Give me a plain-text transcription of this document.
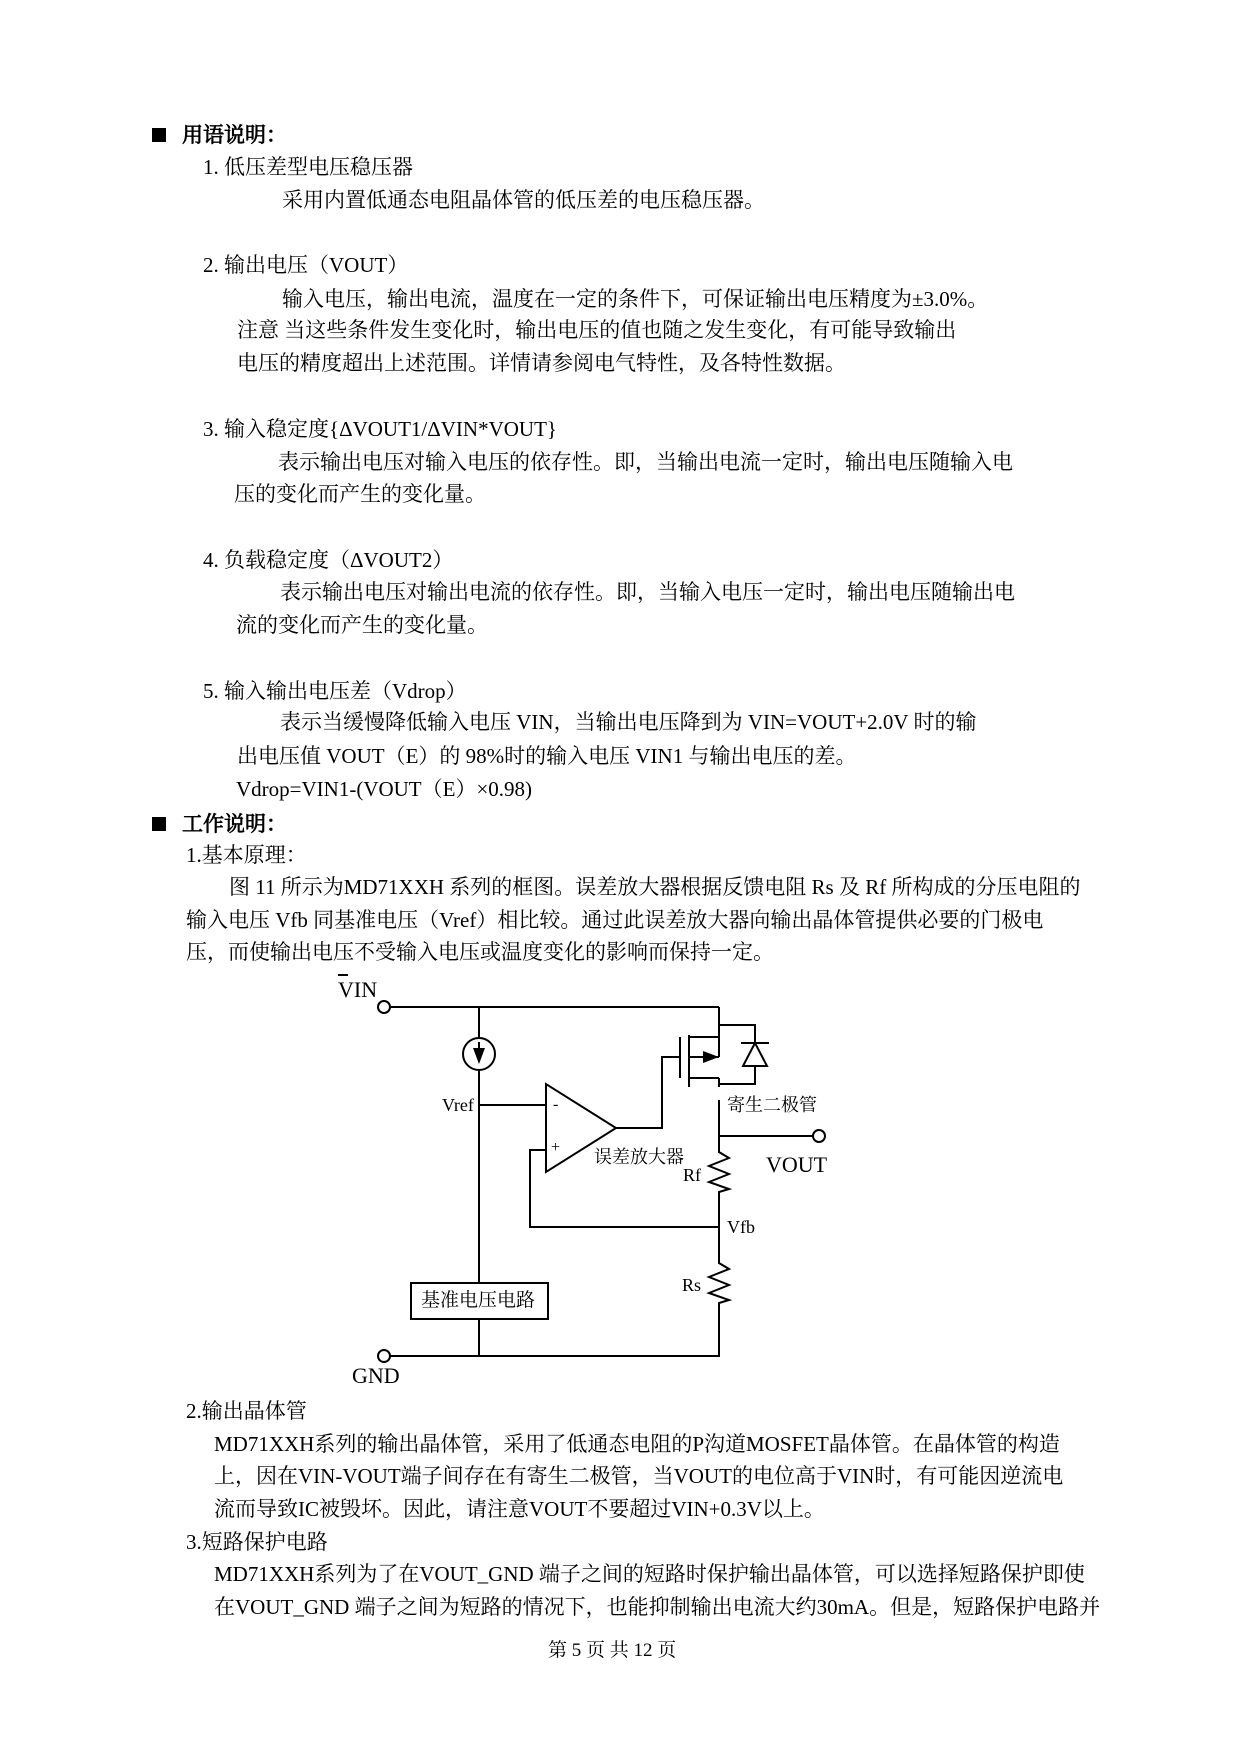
用语说明：
1. 低压差型电压稳压器
采用内置低通态电阻晶体管的低压差的电压稳压器。
2. 输出电压（VOUT）
输入电压，输出电流，温度在一定的条件下，可保证输出电压精度为±3.0%。
注意 当这些条件发生变化时，输出电压的值也随之发生变化，有可能导致输出
电压的精度超出上述范围。详情请参阅电气特性，及各特性数据。
3. 输入稳定度{ΔVOUT1/ΔVIN*VOUT}
表示输出电压对输入电压的依存性。即，当输出电流一定时，输出电压随输入电
压的变化而产生的变化量。
4. 负载稳定度（ΔVOUT2）
表示输出电压对输出电流的依存性。即，当输入电压一定时，输出电压随输出电
流的变化而产生的变化量。
5. 输入输出电压差（Vdrop）
表示当缓慢降低输入电压 VIN，当输出电压降到为 VIN=VOUT+2.0V 时的输
出电压值 VOUT（E）的 98%时的输入电压 VIN1 与输出电压的差。
Vdrop=VIN1-(VOUT（E）×0.98)
工作说明：
1.基本原理：
图 11 所示为MD71XXH 系列的框图。误差放大器根据反馈电阻 Rs 及 Rf 所构成的分压电阻的
输入电压 Vfb 同基准电压（Vref）相比较。通过此误差放大器向输出晶体管提供必要的门极电
压，而使输出电压不受输入电压或温度变化的影响而保持一定。
VIN
Vref	-
+ 误差放大器
寄生二极管
VOUT
Rf
Vfb
Rs
基准电压电路
GND
2.输出晶体管
MD71XXH系列的输出晶体管，采用了低通态电阻的P沟道MOSFET晶体管。在晶体管的构造
上，因在VIN-VOUT端子间存在有寄生二极管，当VOUT的电位高于VIN时，有可能因逆流电
流而导致IC被毁坏。因此，请注意VOUT不要超过VIN+0.3V以上。
3.短路保护电路
MD71XXH系列为了在VOUT_GND 端子之间的短路时保护输出晶体管，可以选择短路保护即使
在VOUT_GND 端子之间为短路的情况下，也能抑制输出电流大约30mA。但是，短路保护电路并
第 5 页 共 12 页
